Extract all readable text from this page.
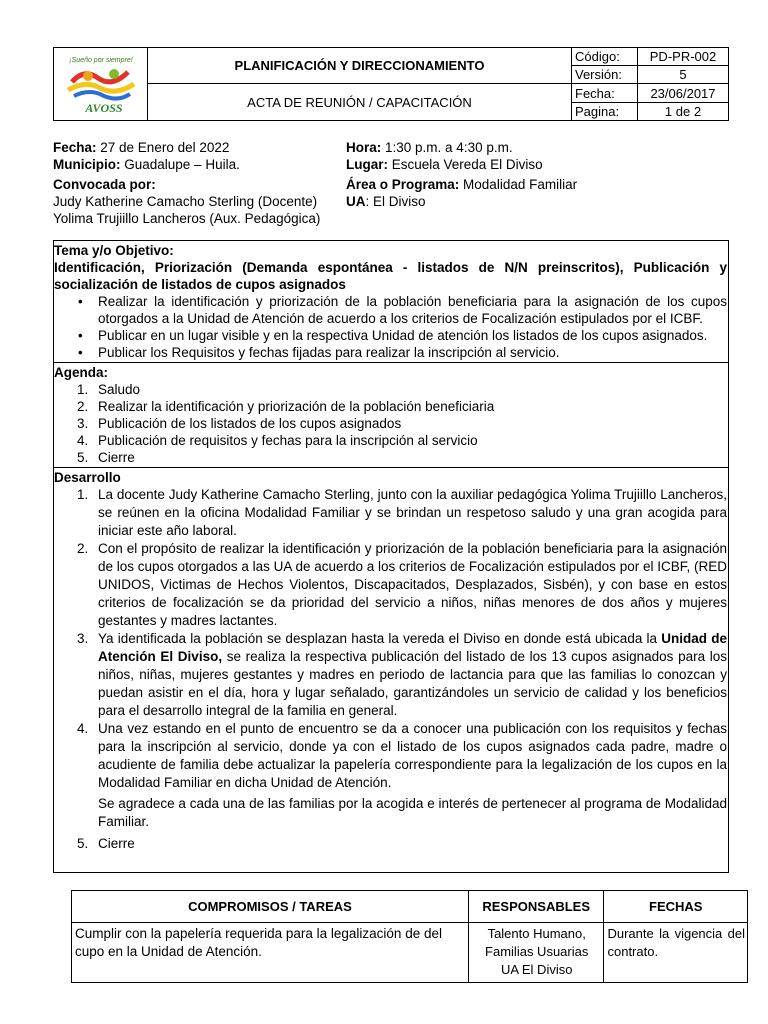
¡Sueño por siempre!
AVOSS	PLANIFICACIÓN Y DIRECCIONAMIENTO	Código:	PD-PR-002
		Versión:	5
	ACTA DE REUNIÓN / CAPACITACIÓN	Fecha:	23/06/2017
		Pagina:	1 de 2
Fecha: 27 de Enero del 2022
Municipio: Guadalupe – Huila.
Convocada por:
Judy Katherine Camacho Sterling (Docente)
Yolima Trujiillo Lancheros (Aux. Pedagógica)
Hora: 1:30 p.m. a 4:30 p.m.
Lugar: Escuela Vereda El Diviso
Área o Programa: Modalidad Familiar
UA: El Diviso
Tema y/o Objetivo:
Identificación, Priorización (Demanda espontánea - listados de N/N preinscritos), Publicación y socialización de listados de cupos asignados
• Realizar la identificación y priorización de la población beneficiaria para la asignación de los cupos otorgados a la Unidad de Atención de acuerdo a los criterios de Focalización estipulados por el ICBF.
• Publicar en un lugar visible y en la respectiva Unidad de atención los listados de los cupos asignados.
• Publicar los Requisitos y fechas fijadas para realizar la inscripción al servicio.
Agenda:
1. Saludo
2. Realizar la identificación y priorización de la población beneficiaria
3. Publicación de los listados de los cupos asignados
4. Publicación de requisitos y fechas para la inscripción al servicio
5. Cierre
Desarrollo
1. La docente Judy Katherine Camacho Sterling, junto con la auxiliar pedagógica Yolima Trujiillo Lancheros, se reúnen en la oficina Modalidad Familiar y se brindan un respetoso saludo y una gran acogida para iniciar este año laboral.
2. Con el propósito de realizar la identificación y priorización de la población beneficiaria para la asignación de los cupos otorgados a las UA de acuerdo a los criterios de Focalización estipulados por el ICBF, (RED UNIDOS, Victimas de Hechos Violentos, Discapacitados, Desplazados, Sisbén), y con base en estos criterios de focalización se da prioridad del servicio a niños, niñas menores de dos años y mujeres gestantes y madres lactantes.
3. Ya identificada la población se desplazan hasta la vereda el Diviso en donde está ubicada la Unidad de Atención El Diviso, se realiza la respectiva publicación del listado de los 13 cupos asignados para los niños, niñas, mujeres gestantes y madres en periodo de lactancia para que las familias lo conozcan y puedan asistir en el día, hora y lugar señalado, garantizándoles un servicio de calidad y los beneficios para el desarrollo integral de la familia en general.
4. Una vez estando en el punto de encuentro se da a conocer una publicación con los requisitos y fechas para la inscripción al servicio, donde ya con el listado de los cupos asignados cada padre, madre o acudiente de familia debe actualizar la papelería correspondiente para la legalización de los cupos en la Modalidad Familiar en dicha Unidad de Atención.
Se agradece a cada una de las familias por la acogida e interés de pertenecer al programa de Modalidad Familiar.
5. Cierre
COMPROMISOS / TAREAS	RESPONSABLES	FECHAS
Cumplir con la papelería requerida para la legalización de del cupo en la Unidad de Atención.	Talento Humano,
Familias Usuarias
UA El Diviso	Durante la vigencia del contrato.
